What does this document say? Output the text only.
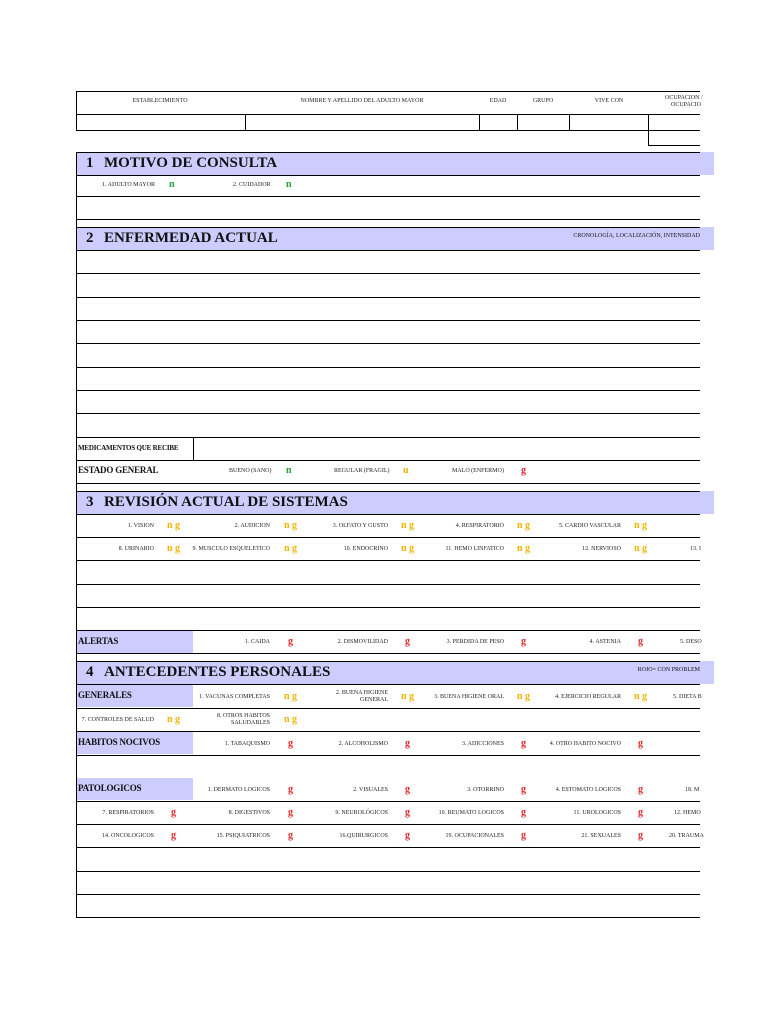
ESTABLECIMIENTO	NOMBRE Y APELLIDO DEL ADULTO MAYOR	EDAD	GRUPO	VIVE CON	OCUPACION /
OCUPACIO
1 MOTIVO DE CONSULTA
1. ADULTO MAYOR n	2. CUIDADOR n
2 ENFERMEDAD ACTUAL	CRONOLOGÍA, LOCALIZACIÓN, INTENSIDAD
MEDICAMENTOS QUE RECIBE
ESTADO GENERAL	BUENO (SANO) n	REGULAR (FRAGIL) u	MALO (ENFERMO) g
3 REVISIÓN ACTUAL DE SISTEMAS
1. VISION n g	2. AUDICION n g	3. OLFATO Y GUSTO n g	4. RESPIRATORIO n g	5. CARDIO VASCULAR n g
8. URINARIO n g	9. MUSCULO ESQUELETICO n g	10. ENDOCRINO n g	11. HEMO LINFATICO n g	12. NERVIOSO n g	13. I
ALERTAS	1. CAIDA g	2. DISMOVILIDAD g	3. PERDIDA DE PESO g	4. ASTENIA g	5. DESO
4 ANTECEDENTES PERSONALES	ROJO= CON PROBLEM
GENERALES	1. VACUNAS COMPLETAS n g	2. BUENA HIGIENE
GENERAL n g	3. BUENA HIGIENE ORAL n g	4. EJERCICIO REGULAR n g	5. DIETA B
7. CONTROLES DE SALUD n g	8. OTROS HABITOS
SALUDABLES n g
HABITOS NOCIVOS	1. TABAQUISMO g	2. ALCOHOLISMO g	3. ADICCIONES g	4. OTRO HABITO NOCIVO g
PATOLOGICOS	1. DERMATO LOGICOS g	2. VISUALES g	3. OTORRINO g	4. ESTOMATO LOGICOS g	18. M
7. RESPIRATORIOS g	8. DIGESTIVOS g	9. NEUROLÓGICOS g	10. REUMATO LOGICOS g	11. UROLOGICOS g	12. HEMO
14. ONCOLOGICOS g	15. PSIQUIATRICOS g	16.QUIRURGICOS g	19. OCUPACIONALES g	21. SEXUALES g	20. TRAUMA
